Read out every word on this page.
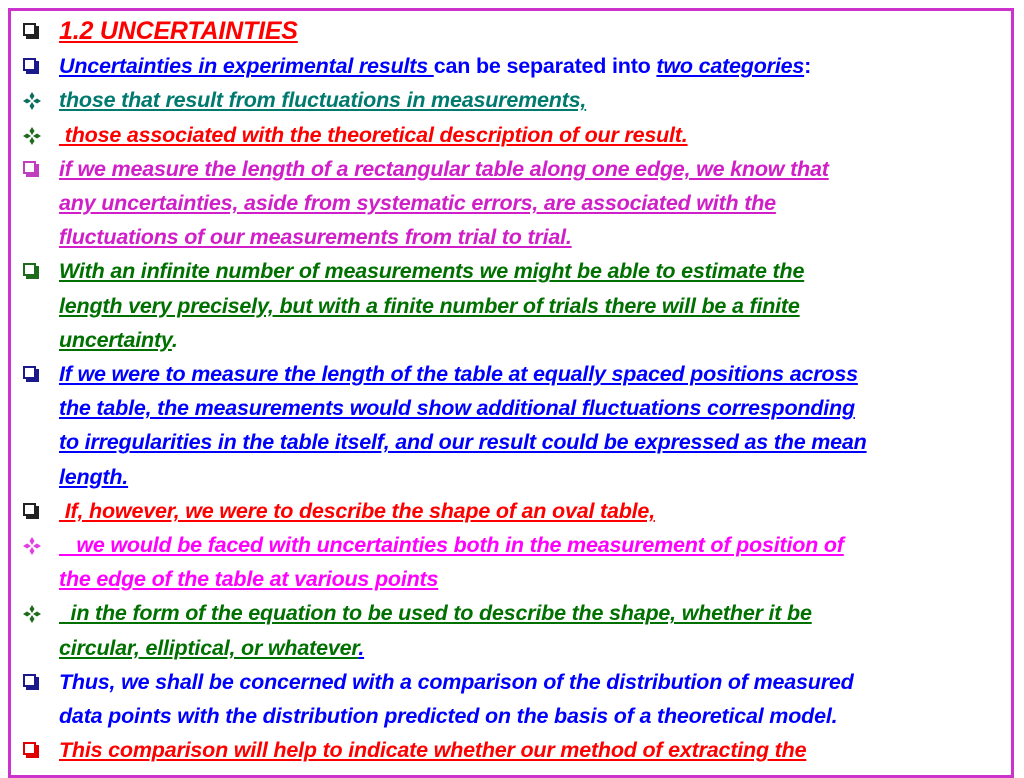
1.2 UNCERTAINTIES
Uncertainties in experimental results can be separated into two categories:
those that result from fluctuations in measurements,
those associated with the theoretical description of our result.
if we measure the length of a rectangular table along one edge, we know that
any uncertainties, aside from systematic errors, are associated with the
fluctuations of our measurements from trial to trial.
With an infinite number of measurements we might be able to estimate the
length very precisely, but with a finite number of trials there will be a finite
uncertainty.
If we were to measure the length of the table at equally spaced positions across
the table, the measurements would show additional fluctuations corresponding
to irregularities in the table itself, and our result could be expressed as the mean
length.
If, however, we were to describe the shape of an oval table,
we would be faced with uncertainties both in the measurement of position of
the edge of the table at various points
in the form of the equation to be used to describe the shape, whether it be
circular, elliptical, or whatever.
Thus, we shall be concerned with a comparison of the distribution of measured
data points with the distribution predicted on the basis of a theoretical model.
This comparison will help to indicate whether our method of extracting the
